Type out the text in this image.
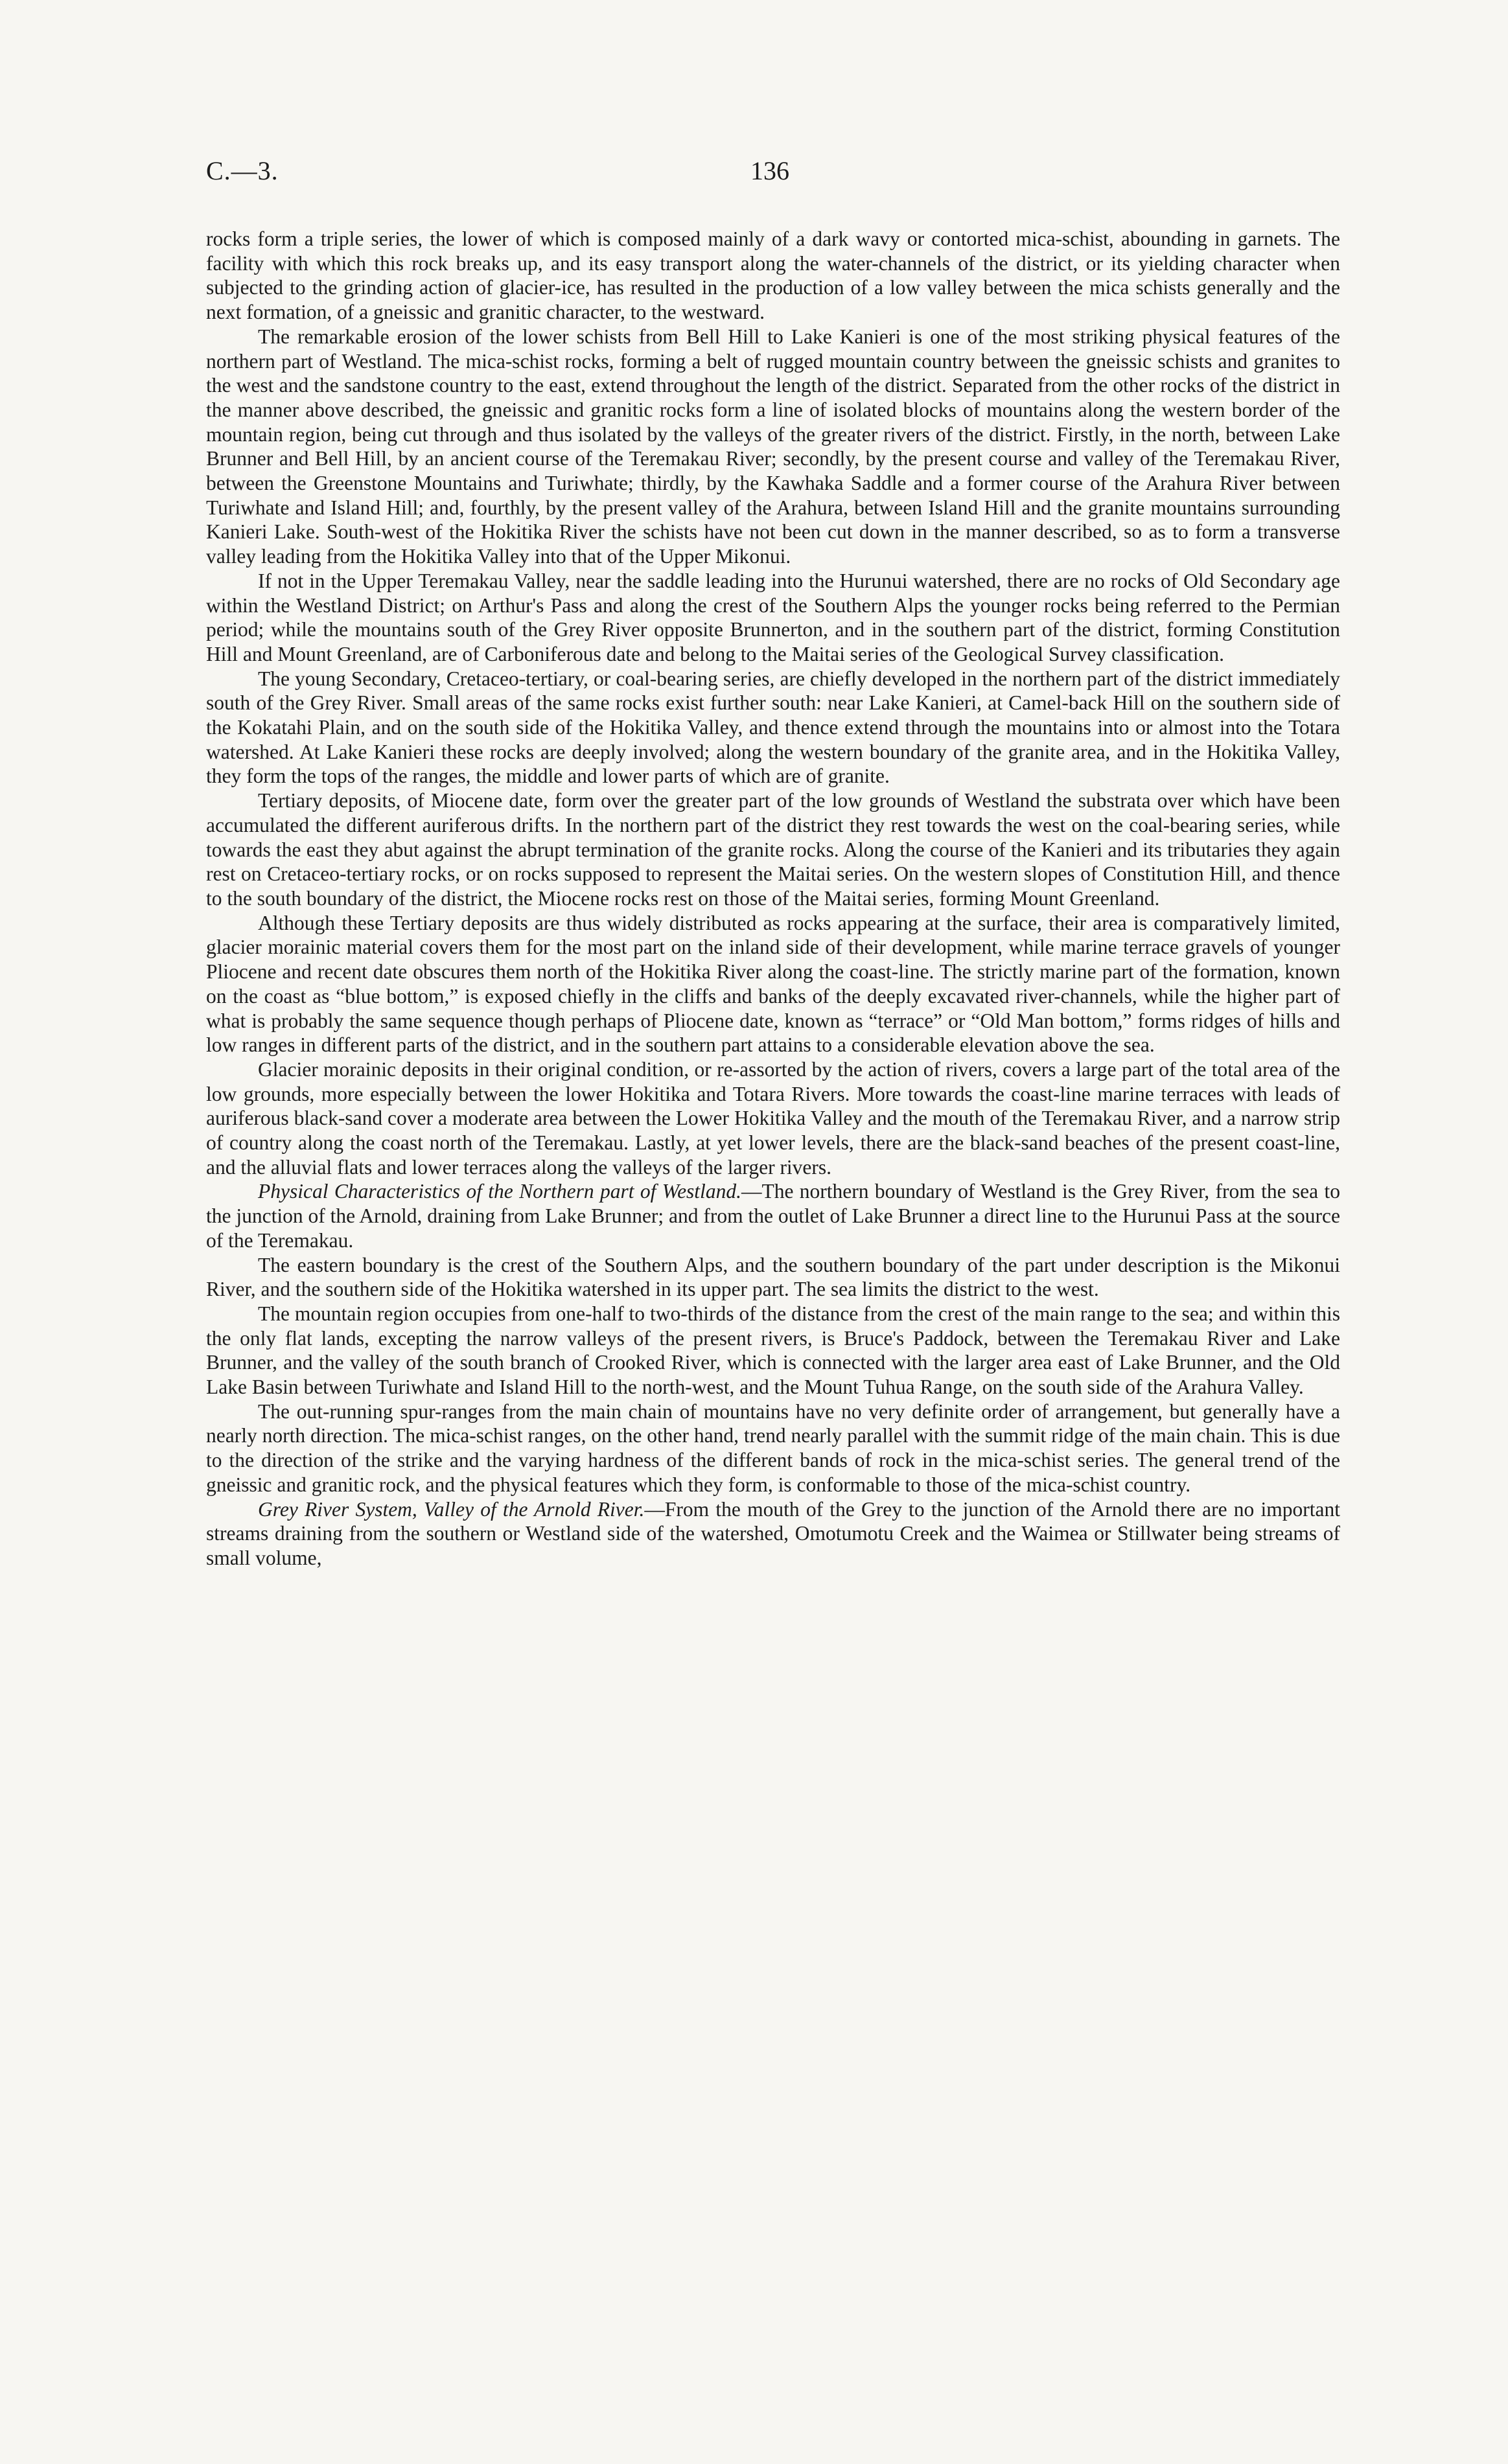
C.—3.	136

rocks form a triple series, the lower of which is composed mainly of a dark wavy or contorted mica-schist, abounding in garnets. The facility with which this rock breaks up, and its easy transport along the water-channels of the district, or its yielding character when subjected to the grinding action of glacier-ice, has resulted in the production of a low valley between the mica schists generally and the next formation, of a gneissic and granitic character, to the westward.

The remarkable erosion of the lower schists from Bell Hill to Lake Kanieri is one of the most striking physical features of the northern part of Westland. The mica-schist rocks, forming a belt of rugged mountain country between the gneissic schists and granites to the west and the sandstone country to the east, extend throughout the length of the district. Separated from the other rocks of the district in the manner above described, the gneissic and granitic rocks form a line of isolated blocks of mountains along the western border of the mountain region, being cut through and thus isolated by the valleys of the greater rivers of the district. Firstly, in the north, between Lake Brunner and Bell Hill, by an ancient course of the Teremakau River; secondly, by the present course and valley of the Teremakau River, between the Greenstone Mountains and Turiwhate; thirdly, by the Kawhaka Saddle and a former course of the Arahura River between Turiwhate and Island Hill; and, fourthly, by the present valley of the Arahura, between Island Hill and the granite mountains surrounding Kanieri Lake. South-west of the Hokitika River the schists have not been cut down in the manner described, so as to form a transverse valley leading from the Hokitika Valley into that of the Upper Mikonui.

If not in the Upper Teremakau Valley, near the saddle leading into the Hurunui watershed, there are no rocks of Old Secondary age within the Westland District; on Arthur's Pass and along the crest of the Southern Alps the younger rocks being referred to the Permian period; while the mountains south of the Grey River opposite Brunnerton, and in the southern part of the district, forming Constitution Hill and Mount Greenland, are of Carboniferous date and belong to the Maitai series of the Geological Survey classification.

The young Secondary, Cretaceo-tertiary, or coal-bearing series, are chiefly developed in the northern part of the district immediately south of the Grey River. Small areas of the same rocks exist further south: near Lake Kanieri, at Camel-back Hill on the southern side of the Kokatahi Plain, and on the south side of the Hokitika Valley, and thence extend through the mountains into or almost into the Totara watershed. At Lake Kanieri these rocks are deeply involved; along the western boundary of the granite area, and in the Hokitika Valley, they form the tops of the ranges, the middle and lower parts of which are of granite.

Tertiary deposits, of Miocene date, form over the greater part of the low grounds of Westland the substrata over which have been accumulated the different auriferous drifts. In the northern part of the district they rest towards the west on the coal-bearing series, while towards the east they abut against the abrupt termination of the granite rocks. Along the course of the Kanieri and its tributaries they again rest on Cretaceo-tertiary rocks, or on rocks supposed to represent the Maitai series. On the western slopes of Constitution Hill, and thence to the south boundary of the district, the Miocene rocks rest on those of the Maitai series, forming Mount Greenland.

Although these Tertiary deposits are thus widely distributed as rocks appearing at the surface, their area is comparatively limited, glacier morainic material covers them for the most part on the inland side of their development, while marine terrace gravels of younger Pliocene and recent date obscures them north of the Hokitika River along the coast-line. The strictly marine part of the formation, known on the coast as “blue bottom,” is exposed chiefly in the cliffs and banks of the deeply excavated river-channels, while the higher part of what is probably the same sequence though perhaps of Pliocene date, known as “terrace” or “Old Man bottom,” forms ridges of hills and low ranges in different parts of the district, and in the southern part attains to a considerable elevation above the sea.

Glacier morainic deposits in their original condition, or re-assorted by the action of rivers, covers a large part of the total area of the low grounds, more especially between the lower Hokitika and Totara Rivers. More towards the coast-line marine terraces with leads of auriferous black-sand cover a moderate area between the Lower Hokitika Valley and the mouth of the Teremakau River, and a narrow strip of country along the coast north of the Teremakau. Lastly, at yet lower levels, there are the black-sand beaches of the present coast-line, and the alluvial flats and lower terraces along the valleys of the larger rivers.

Physical Characteristics of the Northern part of Westland.—The northern boundary of Westland is the Grey River, from the sea to the junction of the Arnold, draining from Lake Brunner; and from the outlet of Lake Brunner a direct line to the Hurunui Pass at the source of the Teremakau.

The eastern boundary is the crest of the Southern Alps, and the southern boundary of the part under description is the Mikonui River, and the southern side of the Hokitika watershed in its upper part. The sea limits the district to the west.

The mountain region occupies from one-half to two-thirds of the distance from the crest of the main range to the sea; and within this the only flat lands, excepting the narrow valleys of the present rivers, is Bruce's Paddock, between the Teremakau River and Lake Brunner, and the valley of the south branch of Crooked River, which is connected with the larger area east of Lake Brunner, and the Old Lake Basin between Turiwhate and Island Hill to the north-west, and the Mount Tuhua Range, on the south side of the Arahura Valley.

The out-running spur-ranges from the main chain of mountains have no very definite order of arrangement, but generally have a nearly north direction. The mica-schist ranges, on the other hand, trend nearly parallel with the summit ridge of the main chain. This is due to the direction of the strike and the varying hardness of the different bands of rock in the mica-schist series. The general trend of the gneissic and granitic rock, and the physical features which they form, is conformable to those of the mica-schist country.

Grey River System, Valley of the Arnold River.—From the mouth of the Grey to the junction of the Arnold there are no important streams draining from the southern or Westland side of the watershed, Omotumotu Creek and the Waimea or Stillwater being streams of small volume,
